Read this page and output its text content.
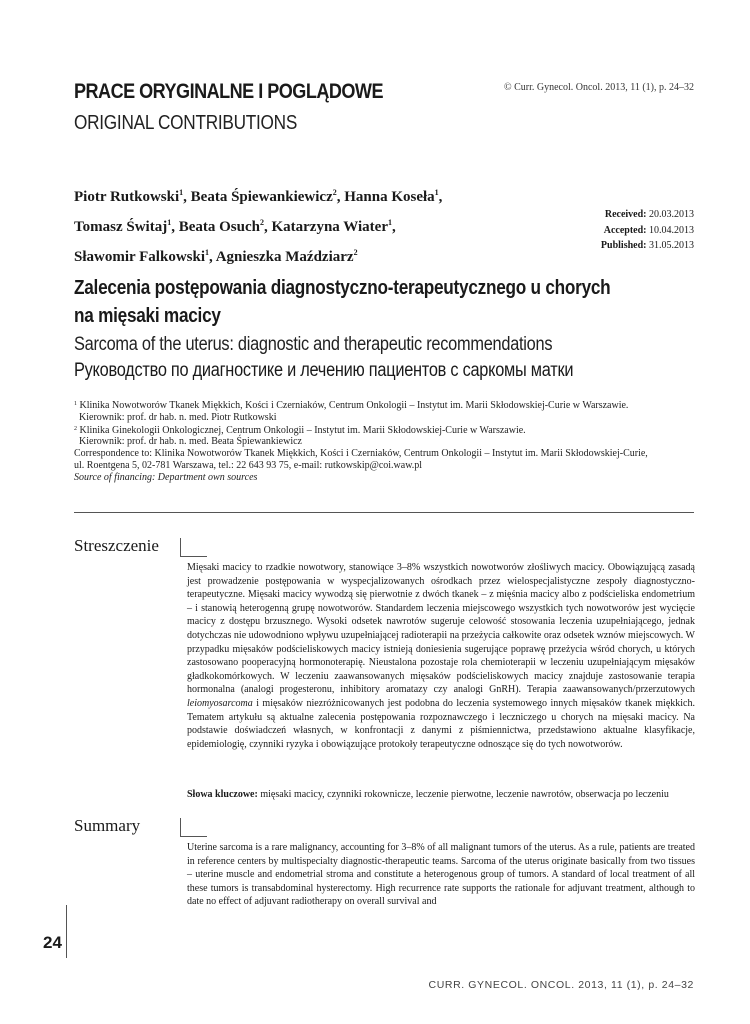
PRACE ORYGINALNE I POGLĄDOWE
ORIGINAL CONTRIBUTIONS
© Curr. Gynecol. Oncol. 2013, 11 (1), p. 24–32
Piotr Rutkowski$^1$, Beata Śpiewankiewicz$^2$, Hanna Koseła$^1$,
Tomasz Świtaj$^1$, Beata Osuch$^2$, Katarzyna Wiater$^1$,
Sławomir Falkowski$^1$, Agnieszka Maździarz$^2$
Received: 20.03.2013
Accepted: 10.04.2013
Published: 31.05.2013
Zalecenia postępowania diagnostyczno-terapeutycznego u chorych
na mięsaki macicy
Sarcoma of the uterus: diagnostic and therapeutic recommendations
Руководство по диагностике и лечению пациентов с саркомы матки

$^1$ Klinika Nowotworów Tkanek Miękkich, Kości i Czerniaków, Centrum Onkologii – Instytut im. Marii Skłodowskiej-Curie w Warszawie.

Kierownik: prof. dr hab. n. med. Piotr Rutkowski

$^2$ Klinika Ginekologii Onkologicznej, Centrum Onkologii – Instytut im. Marii Skłodowskiej-Curie w Warszawie.

Kierownik: prof. dr hab. n. med. Beata Śpiewankiewicz

Correspondence to: Klinika Nowotworów Tkanek Miękkich, Kości i Czerniaków, Centrum Onkologii – Instytut im. Marii Skłodowskiej-Curie,

ul. Roentgena 5, 02-781 Warszawa, tel.: 22 643 93 75, e-mail: rutkowskip@coi.waw.pl

Source of financing: Department own sources

Streszczenie

Mięsaki macicy to rzadkie nowotwory, stanowiące 3–8% wszystkich nowotworów złośliwych macicy. Obowiązującą zasadą jest prowadzenie postępowania w wyspecjalizowanych ośrodkach przez wielospecjalistyczne zespoły diagnostyczno-terapeutyczne. Mięsaki macicy wywodzą się pierwotnie z dwóch tkanek – z mięśnia macicy albo z podścieliska endometrium – i stanowią heterogenną grupę nowotworów. Standardem leczenia miejscowego wszystkich tych nowotworów jest wycięcie macicy z dostępu brzusznego. Wysoki odsetek nawrotów sugeruje celowość stosowania leczenia uzupełniającego, jednak dotychczas nie udowodniono wpływu uzupełniającej radioterapii na przeżycia całkowite oraz odsetek wznów miejscowych. W przypadku mięsaków podścieliskowych macicy istnieją doniesienia sugerujące poprawę przeżycia wśród chorych, u których zastosowano pooperacyjną hormonoterapię. Nieustalona pozostaje rola chemioterapii w leczeniu uzupełniającym mięsaków gładkokomórkowych. W leczeniu zaawansowanych mięsaków podścieliskowych macicy znajduje zastosowanie terapia hormonalna (analogi progesteronu, inhibitory aromatazy czy analogi GnRH). Terapia zaawansowanych/przerzutowych leiomyosarcoma i mięsaków niezróżnicowanych jest podobna do leczenia systemowego innych mięsaków tkanek miękkich. Tematem artykułu są aktualne zalecenia postępowania rozpoznawczego i leczniczego u chorych na mięsaki macicy. Na podstawie doświadczeń własnych, w konfrontacji z danymi z piśmiennictwa, przedstawiono aktualne klasyfikacje, epidemiologię, czynniki ryzyka i obowiązujące protokoły terapeutyczne odnoszące się do tych nowotworów.

Słowa kluczowe: mięsaki macicy, czynniki rokownicze, leczenie pierwotne, leczenie nawrotów, obserwacja po leczeniu
Summary

Uterine sarcoma is a rare malignancy, accounting for 3–8% of all malignant tumors of the uterus. As a rule, patients are treated in reference centers by multispecialty diagnostic-therapeutic teams. Sarcoma of the uterus originate basically from two tissues – uterine muscle and endometrial stroma and constitute a heterogenous group of tumors. A standard of local treatment of all these tumors is transabdominal hysterectomy. High recurrence rate supports the rationale for adjuvant treatment, although to date no effect of adjuvant radiotherapy on overall survival and

24
CURR. GYNECOL. ONCOL. 2013, 11 (1), p. 24–32
